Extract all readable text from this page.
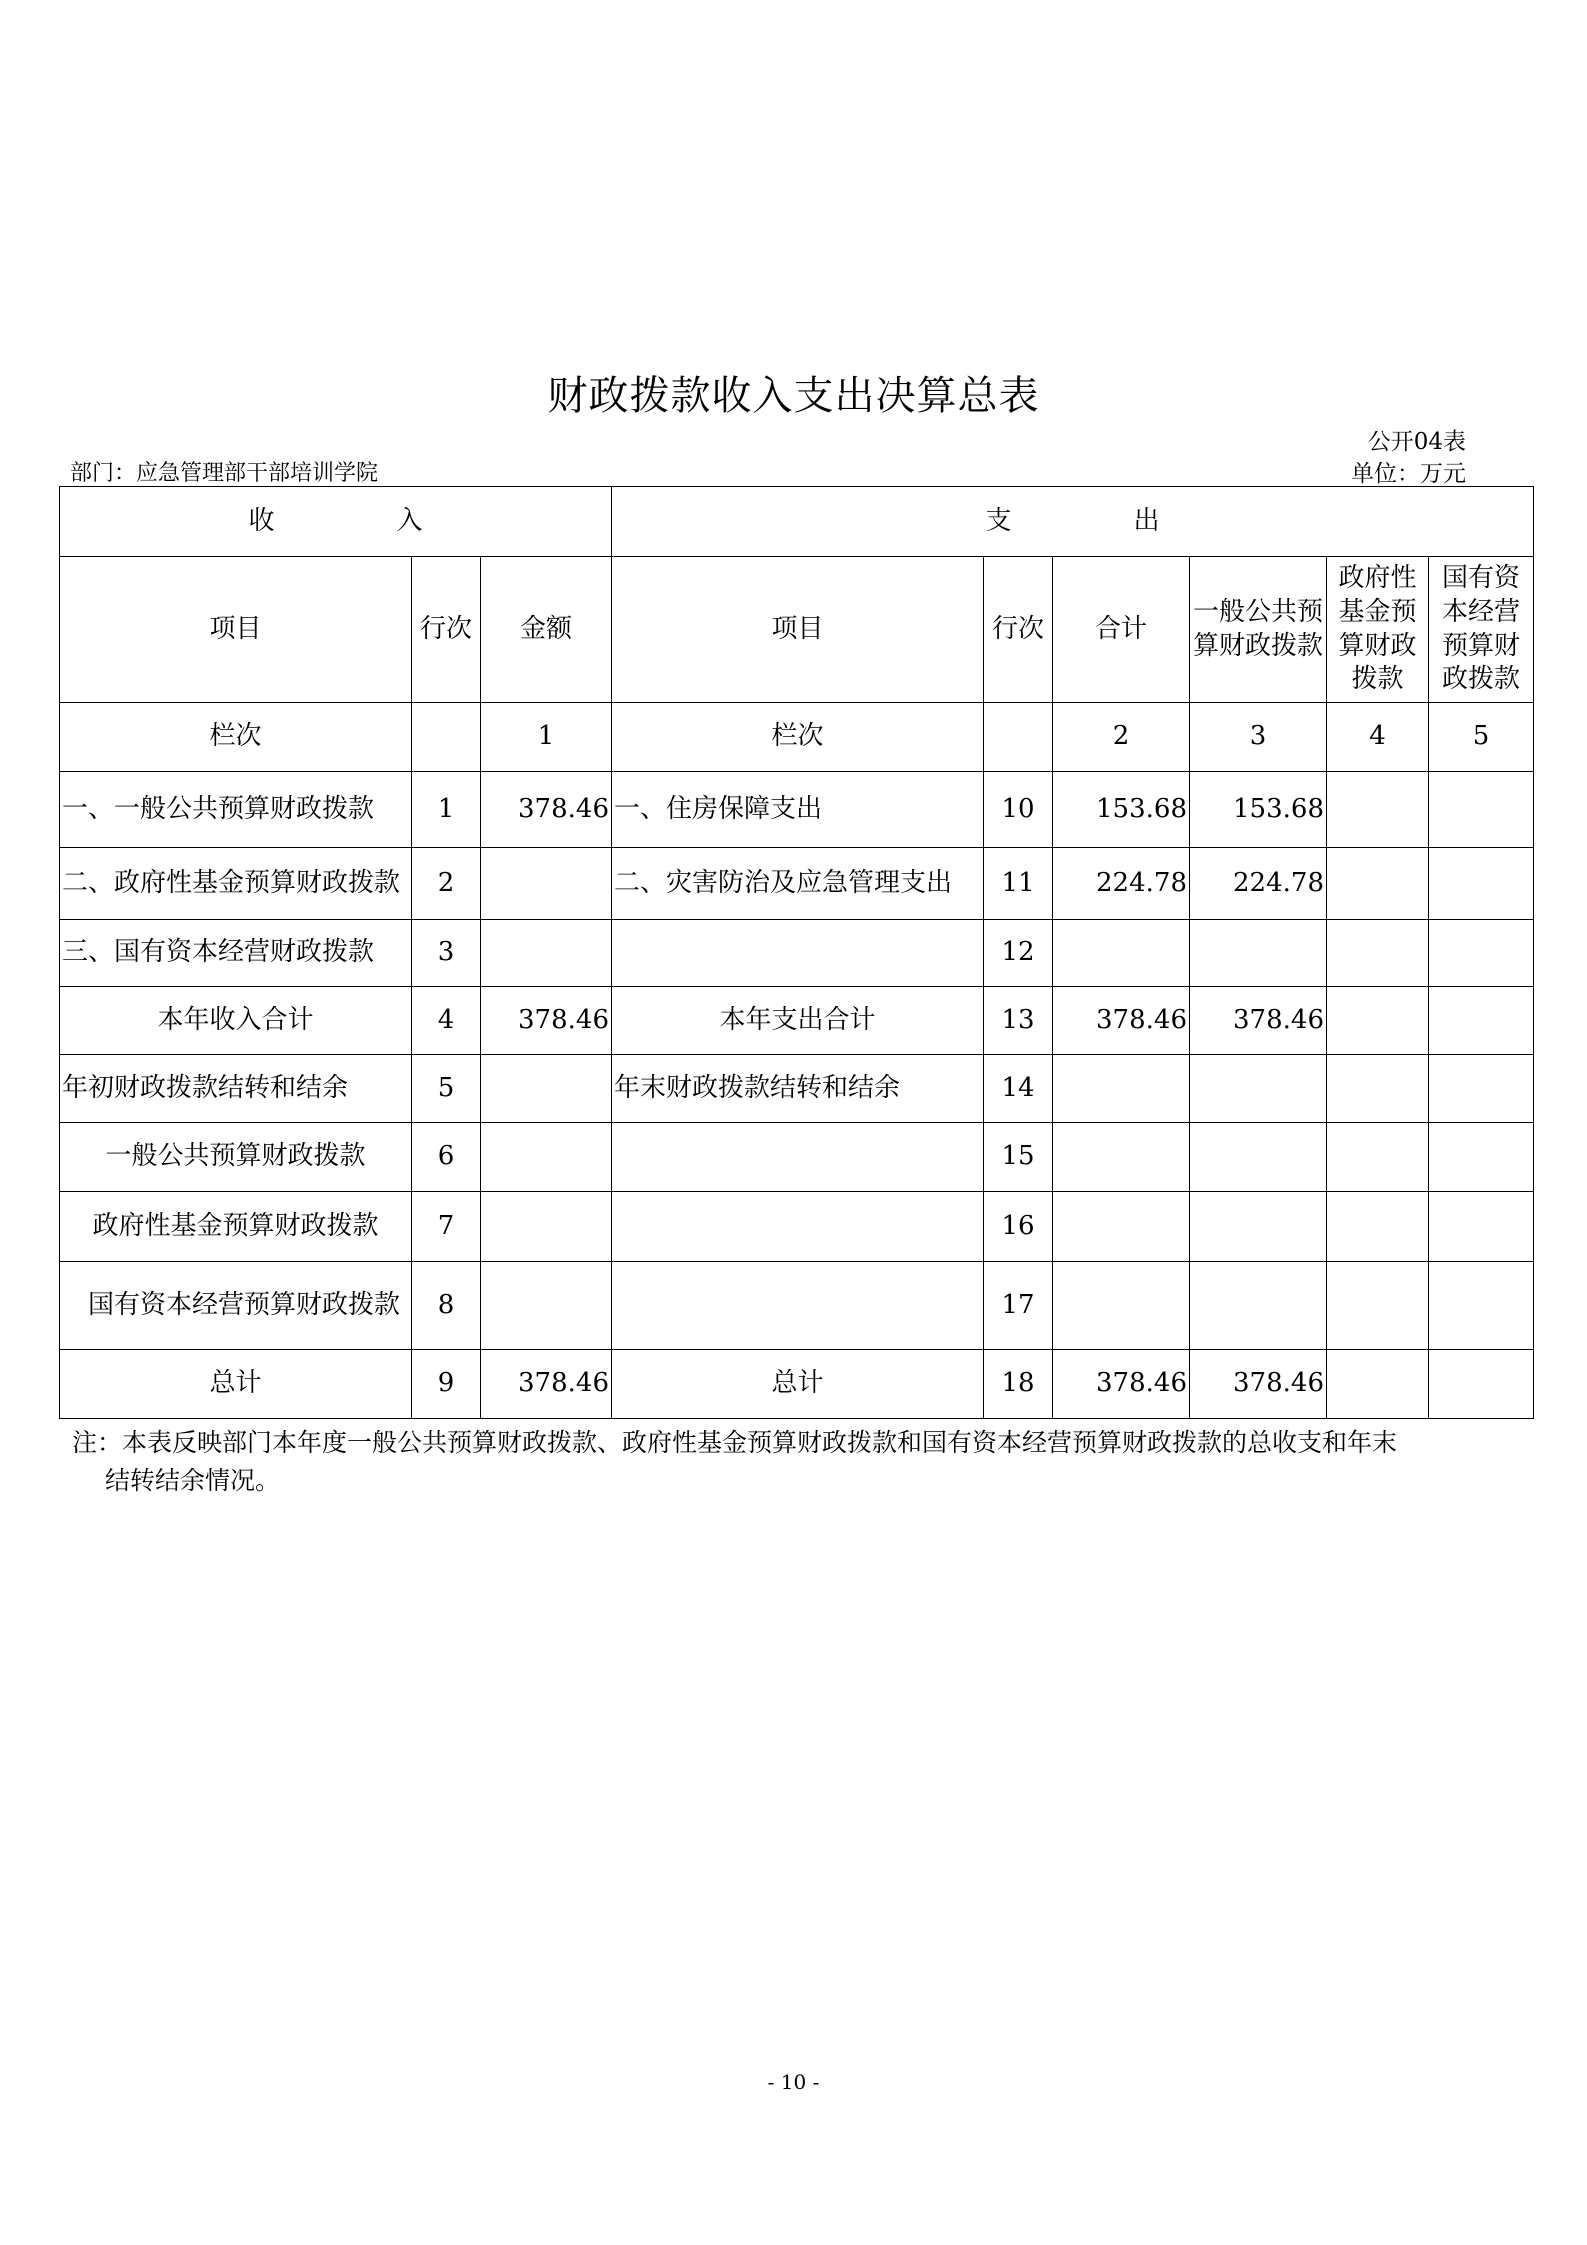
财政拨款收入支出决算总表
公开04表
部门：应急管理部干部培训学院	单位：万元
收　入			支　出					
项目	行次	金额	项目	行次	合计	一般公共预算财政拨款	政府性基金预算财政拨款	国有资本经营预算财政拨款
栏次		1	栏次		2	3	4	5
一、一般公共预算财政拨款	1	378.46	一、住房保障支出	10	153.68	153.68		
二、政府性基金预算财政拨款	2		二、灾害防治及应急管理支出	11	224.78	224.78		
三、国有资本经营财政拨款	3			12				
本年收入合计	4	378.46	本年支出合计	13	378.46	378.46		
年初财政拨款结转和结余	5		年末财政拨款结转和结余	14				
一般公共预算财政拨款	6			15				
政府性基金预算财政拨款	7			16				
国有资本经营预算财政拨款	8			17				
总计	9	378.46	总计	18	378.46	378.46		
注：本表反映部门本年度一般公共预算财政拨款、政府性基金预算财政拨款和国有资本经营预算财政拨款的总收支和年末
结转结余情况。
- 10 -
